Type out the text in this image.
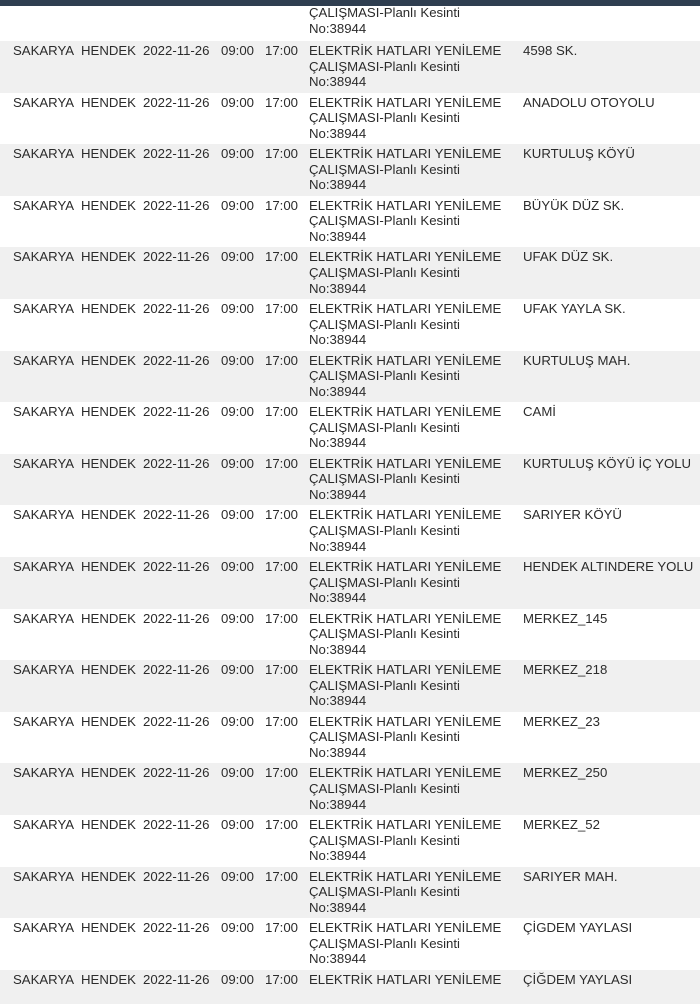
ÇALIŞMASI-Planlı Kesinti
No:38944
SAKARYA HENDEK 2022-11-26 09:00 17:00 ELEKTRİK HATLARI YENİLEME
ÇALIŞMASI-Planlı Kesinti
No:38944
4598 SK.
SAKARYA HENDEK 2022-11-26 09:00 17:00 ELEKTRİK HATLARI YENİLEME
ÇALIŞMASI-Planlı Kesinti
No:38944
ANADOLU OTOYOLU
SAKARYA HENDEK 2022-11-26 09:00 17:00 ELEKTRİK HATLARI YENİLEME
ÇALIŞMASI-Planlı Kesinti
No:38944
KURTULUŞ KÖYÜ
SAKARYA HENDEK 2022-11-26 09:00 17:00 ELEKTRİK HATLARI YENİLEME
ÇALIŞMASI-Planlı Kesinti
No:38944
BÜYÜK DÜZ SK.
SAKARYA HENDEK 2022-11-26 09:00 17:00 ELEKTRİK HATLARI YENİLEME
ÇALIŞMASI-Planlı Kesinti
No:38944
UFAK DÜZ SK.
SAKARYA HENDEK 2022-11-26 09:00 17:00 ELEKTRİK HATLARI YENİLEME
ÇALIŞMASI-Planlı Kesinti
No:38944
UFAK YAYLA SK.
SAKARYA HENDEK 2022-11-26 09:00 17:00 ELEKTRİK HATLARI YENİLEME
ÇALIŞMASI-Planlı Kesinti
No:38944
KURTULUŞ MAH.
SAKARYA HENDEK 2022-11-26 09:00 17:00 ELEKTRİK HATLARI YENİLEME
ÇALIŞMASI-Planlı Kesinti
No:38944
CAMİ
SAKARYA HENDEK 2022-11-26 09:00 17:00 ELEKTRİK HATLARI YENİLEME
ÇALIŞMASI-Planlı Kesinti
No:38944
KURTULUŞ KÖYÜ İÇ YOLU
SAKARYA HENDEK 2022-11-26 09:00 17:00 ELEKTRİK HATLARI YENİLEME
ÇALIŞMASI-Planlı Kesinti
No:38944
SARIYER KÖYÜ
SAKARYA HENDEK 2022-11-26 09:00 17:00 ELEKTRİK HATLARI YENİLEME
ÇALIŞMASI-Planlı Kesinti
No:38944
HENDEK ALTINDERE YOLU
SAKARYA HENDEK 2022-11-26 09:00 17:00 ELEKTRİK HATLARI YENİLEME
ÇALIŞMASI-Planlı Kesinti
No:38944
MERKEZ_145
SAKARYA HENDEK 2022-11-26 09:00 17:00 ELEKTRİK HATLARI YENİLEME
ÇALIŞMASI-Planlı Kesinti
No:38944
MERKEZ_218
SAKARYA HENDEK 2022-11-26 09:00 17:00 ELEKTRİK HATLARI YENİLEME
ÇALIŞMASI-Planlı Kesinti
No:38944
MERKEZ_23
SAKARYA HENDEK 2022-11-26 09:00 17:00 ELEKTRİK HATLARI YENİLEME
ÇALIŞMASI-Planlı Kesinti
No:38944
MERKEZ_250
SAKARYA HENDEK 2022-11-26 09:00 17:00 ELEKTRİK HATLARI YENİLEME
ÇALIŞMASI-Planlı Kesinti
No:38944
MERKEZ_52
SAKARYA HENDEK 2022-11-26 09:00 17:00 ELEKTRİK HATLARI YENİLEME
ÇALIŞMASI-Planlı Kesinti
No:38944
SARIYER MAH.
SAKARYA HENDEK 2022-11-26 09:00 17:00 ELEKTRİK HATLARI YENİLEME
ÇALIŞMASI-Planlı Kesinti
No:38944
ÇİGDEM YAYLASI
SAKARYA HENDEK 2022-11-26 09:00 17:00 ELEKTRİK HATLARI YENİLEME ÇİĞDEM YAYLASI
